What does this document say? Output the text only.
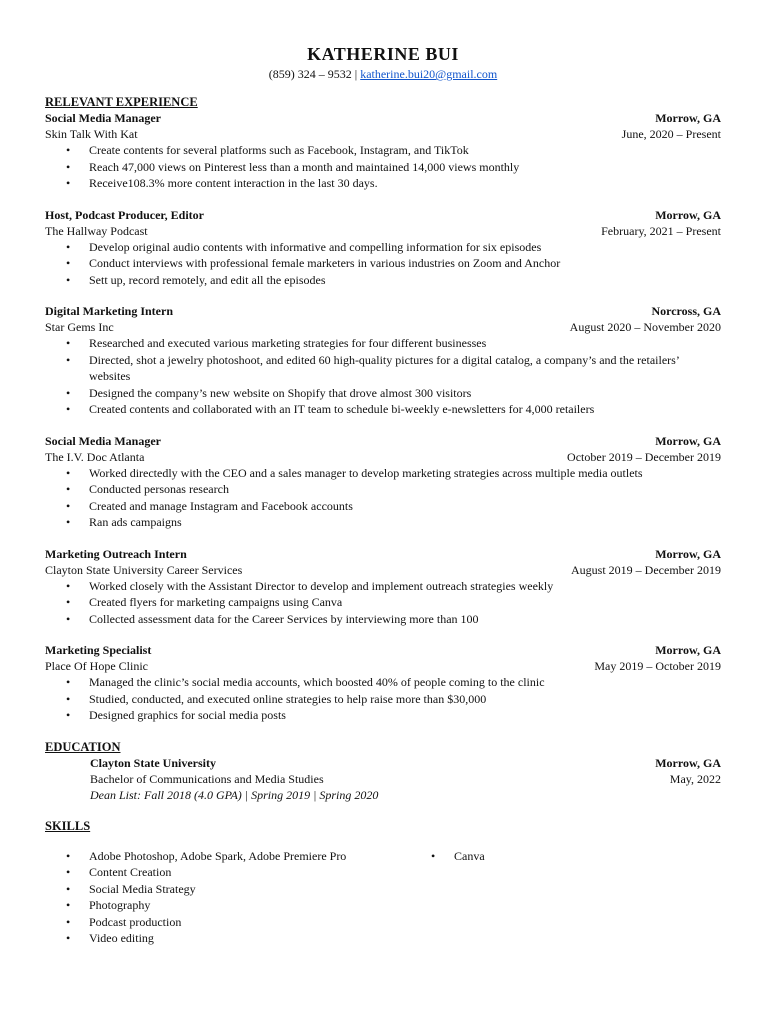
KATHERINE BUI
(859) 324 – 9532 | katherine.bui20@gmail.com
RELEVANT EXPERIENCE
Social Media Manager	Morrow, GA
Skin Talk With Kat	June, 2020 – Present
• Create contents for several platforms such as Facebook, Instagram, and TikTok
• Reach 47,000 views on Pinterest less than a month and maintained 14,000 views monthly
• Receive108.3% more content interaction in the last 30 days.
Host, Podcast Producer, Editor	Morrow, GA
The Hallway Podcast	February, 2021 – Present
• Develop original audio contents with informative and compelling information for six episodes
• Conduct interviews with professional female marketers in various industries on Zoom and Anchor
• Sett up, record remotely, and edit all the episodes
Digital Marketing Intern	Norcross, GA
Star Gems Inc	August 2020 – November 2020
• Researched and executed various marketing strategies for four different businesses
• Directed, shot a jewelry photoshoot, and edited 60 high-quality pictures for a digital catalog, a company’s and the retailers’ websites
• Designed the company’s new website on Shopify that drove almost 300 visitors
• Created contents and collaborated with an IT team to schedule bi-weekly e-newsletters for 4,000 retailers
Social Media Manager	Morrow, GA
The I.V. Doc Atlanta	October 2019 – December 2019
• Worked directedly with the CEO and a sales manager to develop marketing strategies across multiple media outlets
• Conducted personas research
• Created and manage Instagram and Facebook accounts
• Ran ads campaigns
Marketing Outreach Intern	Morrow, GA
Clayton State University Career Services	August 2019 – December 2019
• Worked closely with the Assistant Director to develop and implement outreach strategies weekly
• Created flyers for marketing campaigns using Canva
• Collected assessment data for the Career Services by interviewing more than 100
Marketing Specialist	Morrow, GA
Place Of Hope Clinic	May 2019 – October 2019
• Managed the clinic’s social media accounts, which boosted 40% of people coming to the clinic
• Studied, conducted, and executed online strategies to help raise more than $30,000
• Designed graphics for social media posts
EDUCATION
Clayton State University	Morrow, GA
Bachelor of Communications and Media Studies	May, 2022
Dean List: Fall 2018 (4.0 GPA) | Spring 2019 | Spring 2020
SKILLS
• Adobe Photoshop, Adobe Spark, Adobe Premiere Pro
• Content Creation
• Social Media Strategy
• Photography
• Podcast production
• Video editing
• Canva
